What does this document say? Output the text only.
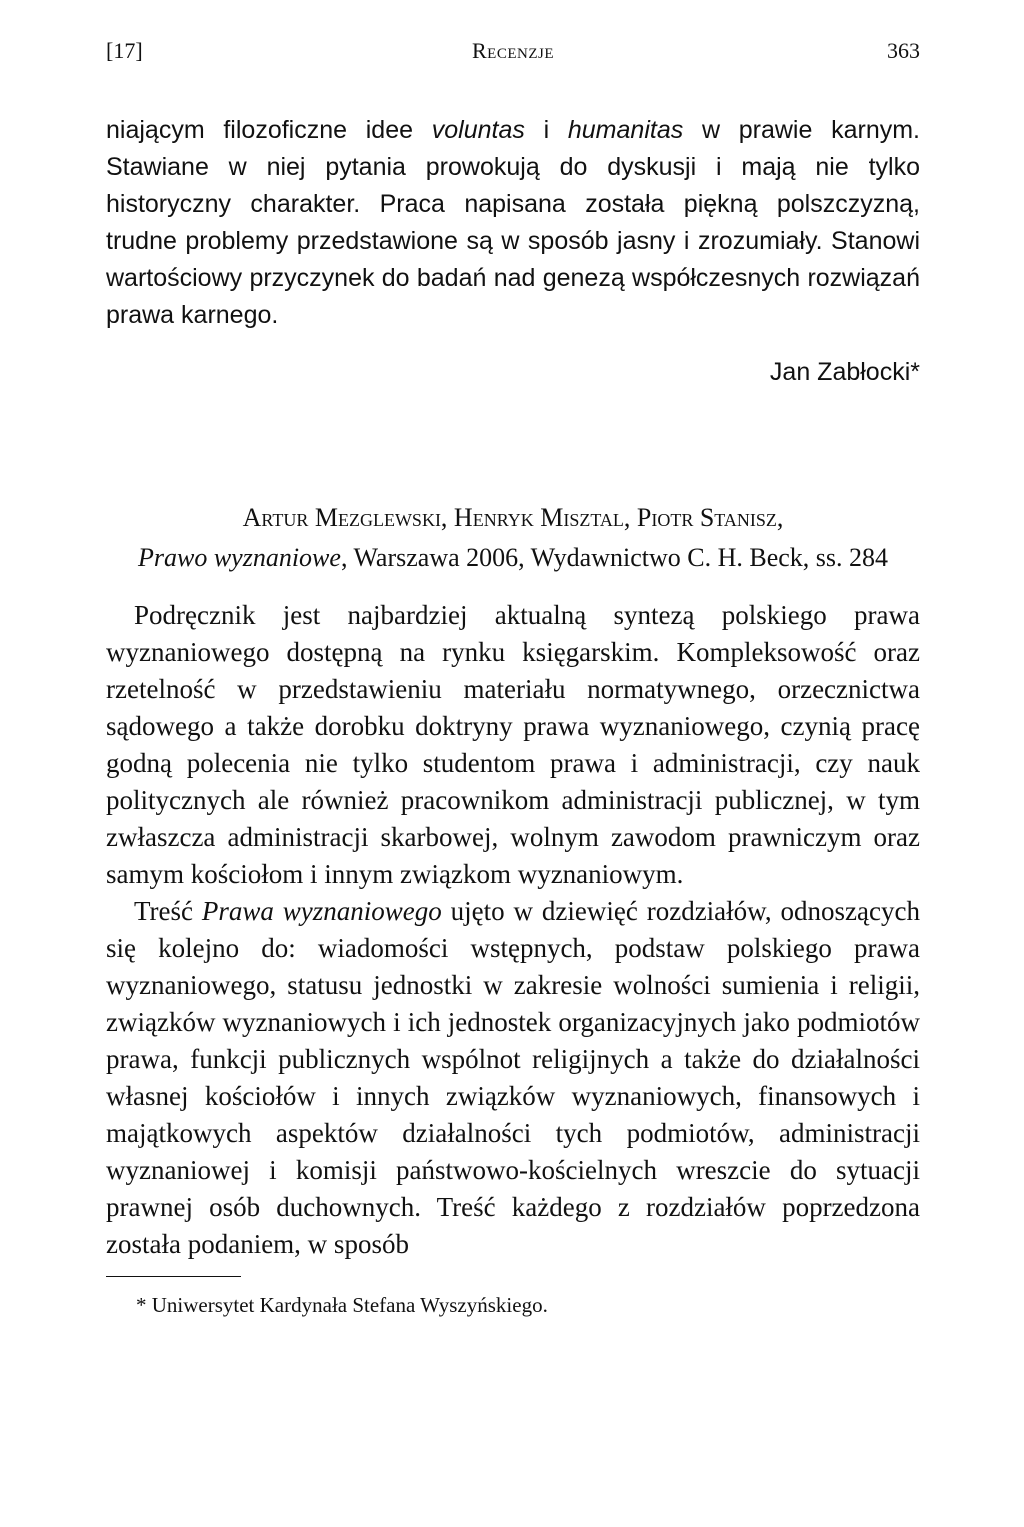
[17]	Recenzje	363
niającym filozoficzne idee voluntas i humanitas w prawie karnym. Stawiane w niej pytania prowokują do dyskusji i mają nie tylko historyczny charakter. Praca napisana została piękną polszczyzną, trudne problemy przedstawione są w sposób jasny i zrozumiały. Stanowi wartościowy przyczynek do badań nad genezą współczesnych rozwiązań prawa karnego.
Jan Zabłocki*
Artur Mezglewski, Henryk Misztal, Piotr Stanisz,
Prawo wyznaniowe, Warszawa 2006, Wydawnictwo C. H. Beck, ss. 284

Podręcznik jest najbardziej aktualną syntezą polskiego prawa wyznaniowego dostępną na rynku księgarskim. Kompleksowość oraz rzetelność w przedstawieniu materiału normatywnego, orzecznictwa sądowego a także dorobku doktryny prawa wyznaniowego, czynią pracę godną polecenia nie tylko studentom prawa i administracji, czy nauk politycznych ale również pracownikom administracji publicznej, w tym zwłaszcza administracji skarbowej, wolnym zawodom prawniczym oraz samym kościołom i innym związkom wyznaniowym.

Treść Prawa wyznaniowego ujęto w dziewięć rozdziałów, odnoszących się kolejno do: wiadomości wstępnych, podstaw polskiego prawa wyznaniowego, statusu jednostki w zakresie wolności sumienia i religii, związków wyznaniowych i ich jednostek organizacyjnych jako podmiotów prawa, funkcji publicznych wspólnot religijnych a także do działalności własnej kościołów i innych związków wyznaniowych, finansowych i majątkowych aspektów działalności tych podmiotów, administracji wyznaniowej i komisji państwowo-kościelnych wreszcie do sytuacji prawnej osób duchownych. Treść każdego z rozdziałów poprzedzona została podaniem, w sposób

* Uniwersytet Kardynała Stefana Wyszyńskiego.
